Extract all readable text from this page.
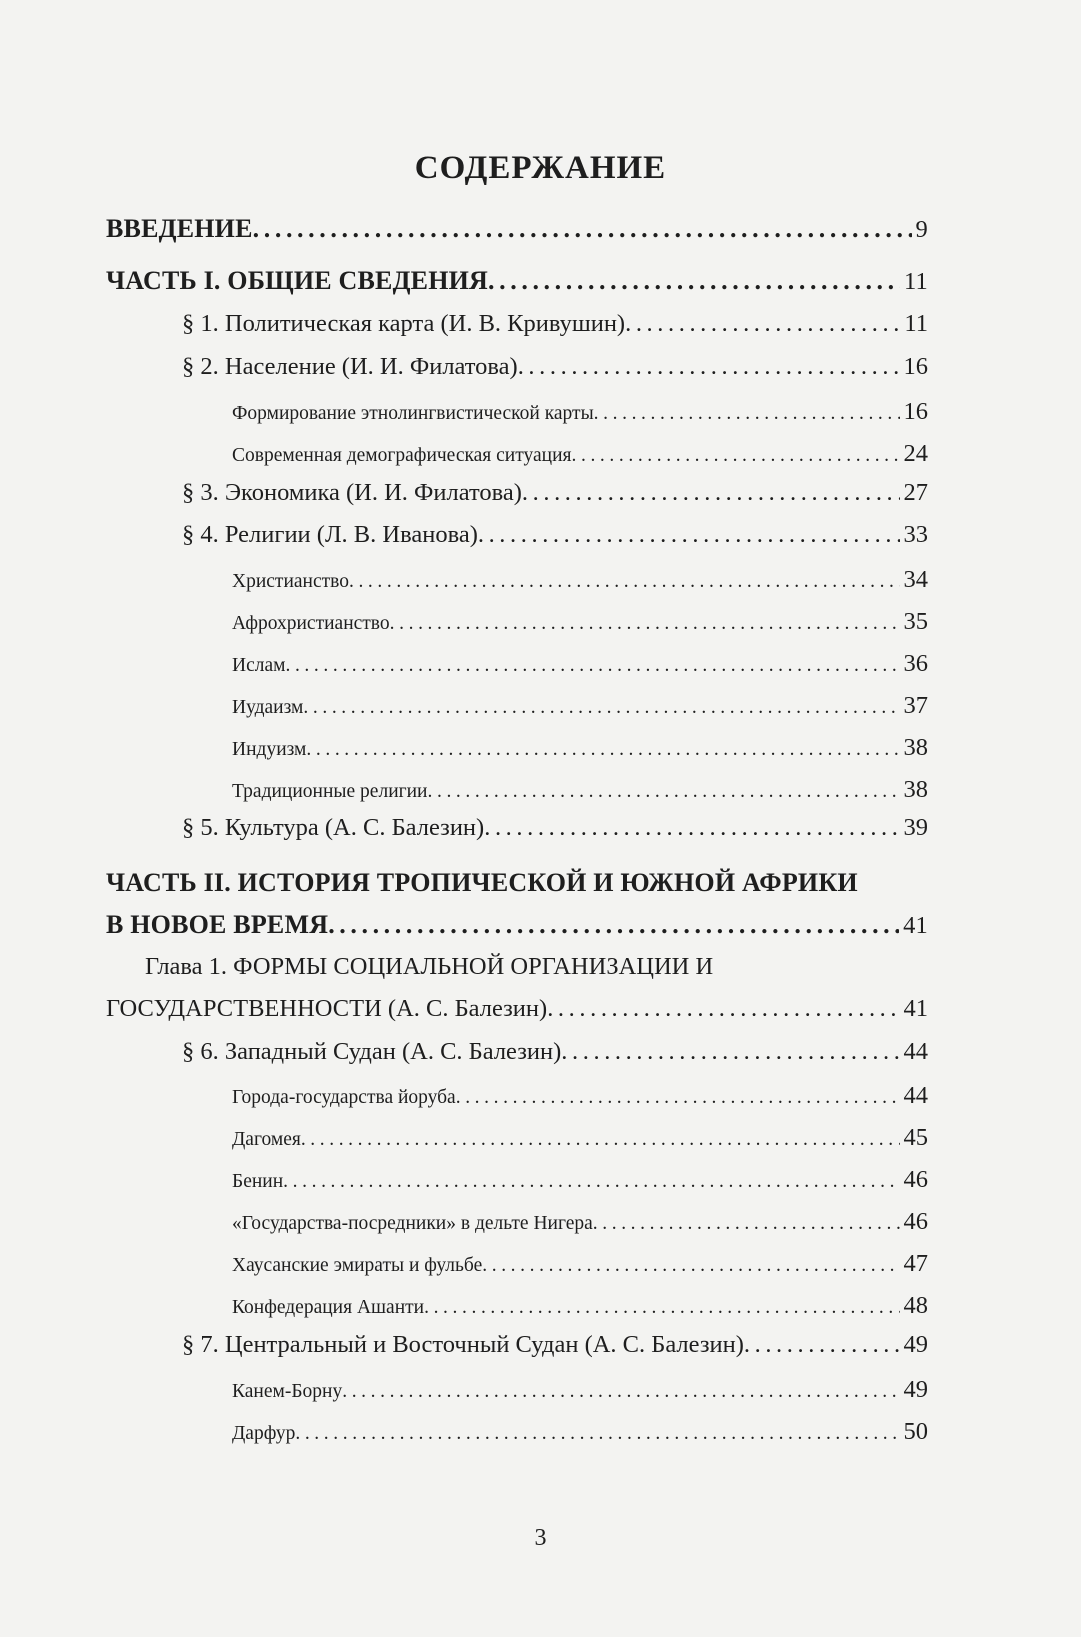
СОДЕРЖАНИЕ
ВВЕДЕНИЕ .....	9
ЧАСТЬ I. ОБЩИЕ СВЕДЕНИЯ .....	11
§ 1. Политическая карта (И. В. Кривушин) .....	11
§ 2. Население (И. И. Филатова) .....	16
Формирование этнолингвистической карты .....	16
Современная демографическая ситуация .....	24
§ 3. Экономика (И. И. Филатова) .....	27
§ 4. Религии (Л. В. Иванова) .....	33
Христианство .....	34
Афрохристианство .....	35
Ислам .....	36
Иудаизм .....	37
Индуизм .....	38
Традиционные религии .....	38
§ 5. Культура (А. С. Балезин) .....	39
ЧАСТЬ II. ИСТОРИЯ ТРОПИЧЕСКОЙ И ЮЖНОЙ АФРИКИ
В НОВОЕ ВРЕМЯ .....	41
Глава 1. ФОРМЫ СОЦИАЛЬНОЙ ОРГАНИЗАЦИИ И
ГОСУДАРСТВЕННОСТИ (А. С. Балезин) .....	41
§ 6. Западный Судан (А. С. Балезин) .....	44
Города-государства йоруба .....	44
Дагомея .....	45
Бенин .....	46
«Государства-посредники» в дельте Нигера .....	46
Хаусанские эмираты и фульбе .....	47
Конфедерация Ашанти .....	48
§ 7. Центральный и Восточный Судан (А. С. Балезин) .....	49
Канем-Борну .....	49
Дарфур .....	50
3
